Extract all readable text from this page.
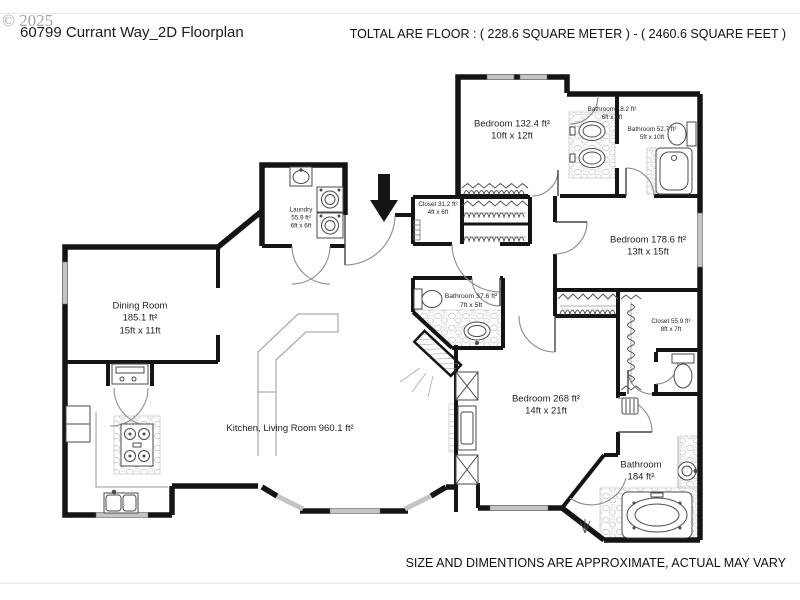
© 2025
60799 Currant Way_2D Floorplan	TOLTAL ARE FLOOR : ( 228.6 SQUARE METER ) - ( 2460.6 SQUARE FEET )
SIZE AND DIMENTIONS ARE APPROXIMATE, ACTUAL MAY VARY
Bedroom 132.4 ft²
10ft x 12ft
Bathroom 18.2 ft²
6ft x 2ft
Bathroom 52.7 ft²
5ft x 10ft
Bedroom 178.6 ft²
13ft x 15ft
Closet 31.2 ft²
4ft x 6ft
Laundry
55.9 ft²
6ft x 6ft
Dining Room
185.1 ft²
15ft x 11ft
Bathroom 37.6 ft²
7ft x 5ft
Kitchen, Living Room 960.1 ft²
Bedroom 268 ft²
14ft x 21ft
Closet 55.9 ft²
8ft x 7ft
Bathroom
184 ft²
